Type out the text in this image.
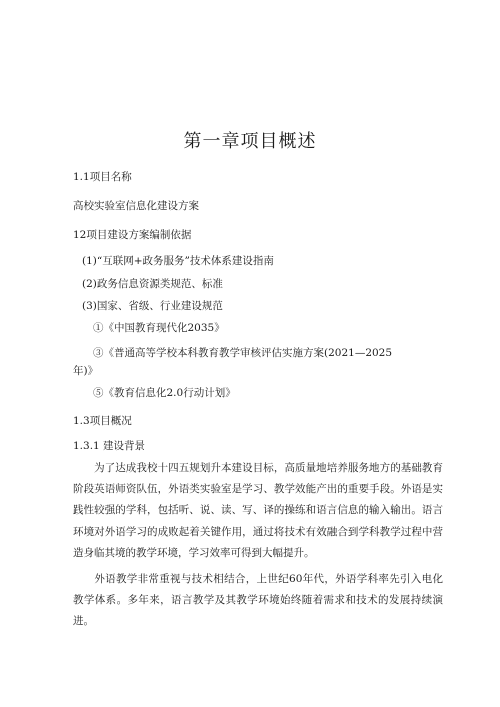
第一章项目概述
1.1项目名称
高校实验室信息化建设方案
12项目建设方案编制依据
(1)“互联网+政务服务”技术体系建设指南
(2)政务信息资源类规范、标准
(3)国家、省级、行业建设规范
①《中国教育现代化2035》
③《普通高等学校本科教育教学审核评估实施方案(2021—2025
年)》
⑤《教育信息化2.0行动计划》
1.3项目概况
1.3.1 建设背景
为了达成我校十四五规划升本建设目标，高质量地培养服务地方的基础教育阶段英语师资队伍，外语类实验室是学习、教学效能产出的重要手段。外语是实践性较强的学科，包括听、说、读、写、译的操练和语言信息的输入输出。语言环境对外语学习的成败起着关键作用，通过将技术有效融合到学科教学过程中营造身临其境的教学环境，学习效率可得到大幅提升。
外语教学非常重视与技术相结合，上世纪60年代，外语学科率先引入电化教学体系。多年来，语言教学及其教学环境始终随着需求和技术的发展持续演进。
